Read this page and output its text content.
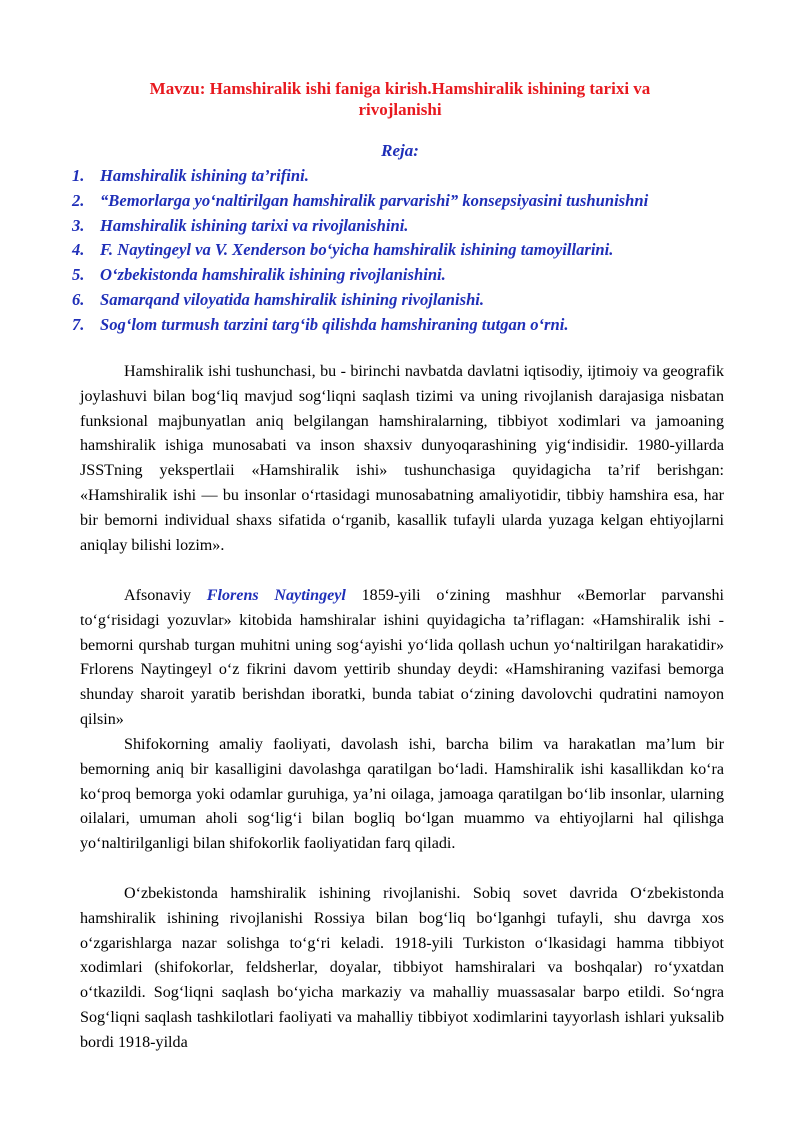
Mavzu: Hamshiralik ishi faniga kirish.Hamshiralik ishining tarixi va
rivojlanishi
Reja:
1. Hamshiralik ishining ta’rifini.
2. “Bemorlarga yo‘naltirilgan hamshiralik parvarishi” konsepsiyasini tushunishni
3. Hamshiralik ishining tarixi va rivojlanishini.
4. F. Naytingeyl va V. Xenderson bo‘yicha hamshiralik ishining tamoyillarini.
5. O‘zbekistonda hamshiralik ishining rivojlanishini.
6. Samarqand viloyatida hamshiralik ishining rivojlanishi.
7. Sog‘lom turmush tarzini targ‘ib qilishda hamshiraning tutgan o‘rni.

Hamshiralik ishi tushunchasi, bu - birinchi navbatda davlatni iqtisodiy, ijtimoiy va geografik joylashuvi bilan bog‘liq mavjud sog‘liqni saqlash tizimi va uning rivojlanish darajasiga nisbatan funksional majbunyatlan aniq belgilangan hamshiralarning, tibbiyot xodimlari va jamoaning hamshiralik ishiga munosabati va inson shaxsiv dunyoqarashining yig‘indisidir. 1980-yillarda JSSTning yekspertlaii «Hamshiralik ishi» tushunchasiga quyidagicha ta’rif berishgan: «Hamshiralik ishi — bu insonlar o‘rtasidagi munosabatning amaliyotidir, tibbiy hamshira esa, har bir bemorni individual shaxs sifatida o‘rganib, kasallik tufayli ularda yuzaga kelgan ehtiyojlarni aniqlay bilishi lozim».

Afsonaviy Florens Naytingeyl 1859-yili o‘zining mashhur «Bemorlar parvanshi to‘g‘risidagi yozuvlar» kitobida hamshiralar ishini quyidagicha ta’riflagan: «Hamshiralik ishi - bemorni qurshab turgan muhitni uning sog‘ayishi yo‘lida qollash uchun yo‘naltirilgan harakatidir» Frlorens Naytingeyl o‘z fikrini davom yettirib shunday deydi: «Hamshiraning vazifasi bemorga shunday sharoit yaratib berishdan iboratki, bunda tabiat o‘zining davolovchi qudratini namoyon qilsin»

Shifokorning amaliy faoliyati, davolash ishi, barcha bilim va harakatlan ma’lum bir bemorning aniq bir kasalligini davolashga qaratilgan bo‘ladi. Hamshiralik ishi kasallikdan ko‘ra ko‘proq bemorga yoki odamlar guruhiga, ya’ni oilaga, jamoaga qaratilgan bo‘lib insonlar, ularning oilalari, umuman aholi sog‘lig‘i bilan bogliq bo‘lgan muammo va ehtiyojlarni hal qilishga yo‘naltirilganligi bilan shifokorlik faoliyatidan farq qiladi.

O‘zbekistonda hamshiralik ishining rivojlanishi. Sobiq sovet davrida O‘zbekistonda hamshiralik ishining rivojlanishi Rossiya bilan bog‘liq bo‘lganhgi tufayli, shu davrga xos o‘zgarishlarga nazar solishga to‘g‘ri keladi. 1918-yili Turkiston o‘lkasidagi hamma tibbiyot xodimlari (shifokorlar, feldsherlar, doyalar, tibbiyot hamshiralari va boshqalar) ro‘yxatdan o‘tkazildi. Sog‘liqni saqlash bo‘yicha markaziy va mahalliy muassasalar barpo etildi. So‘ngra Sog‘liqni saqlash tashkilotlari faoliyati va mahalliy tibbiyot xodimlarini tayyorlash ishlari yuksalib bordi 1918-yilda
